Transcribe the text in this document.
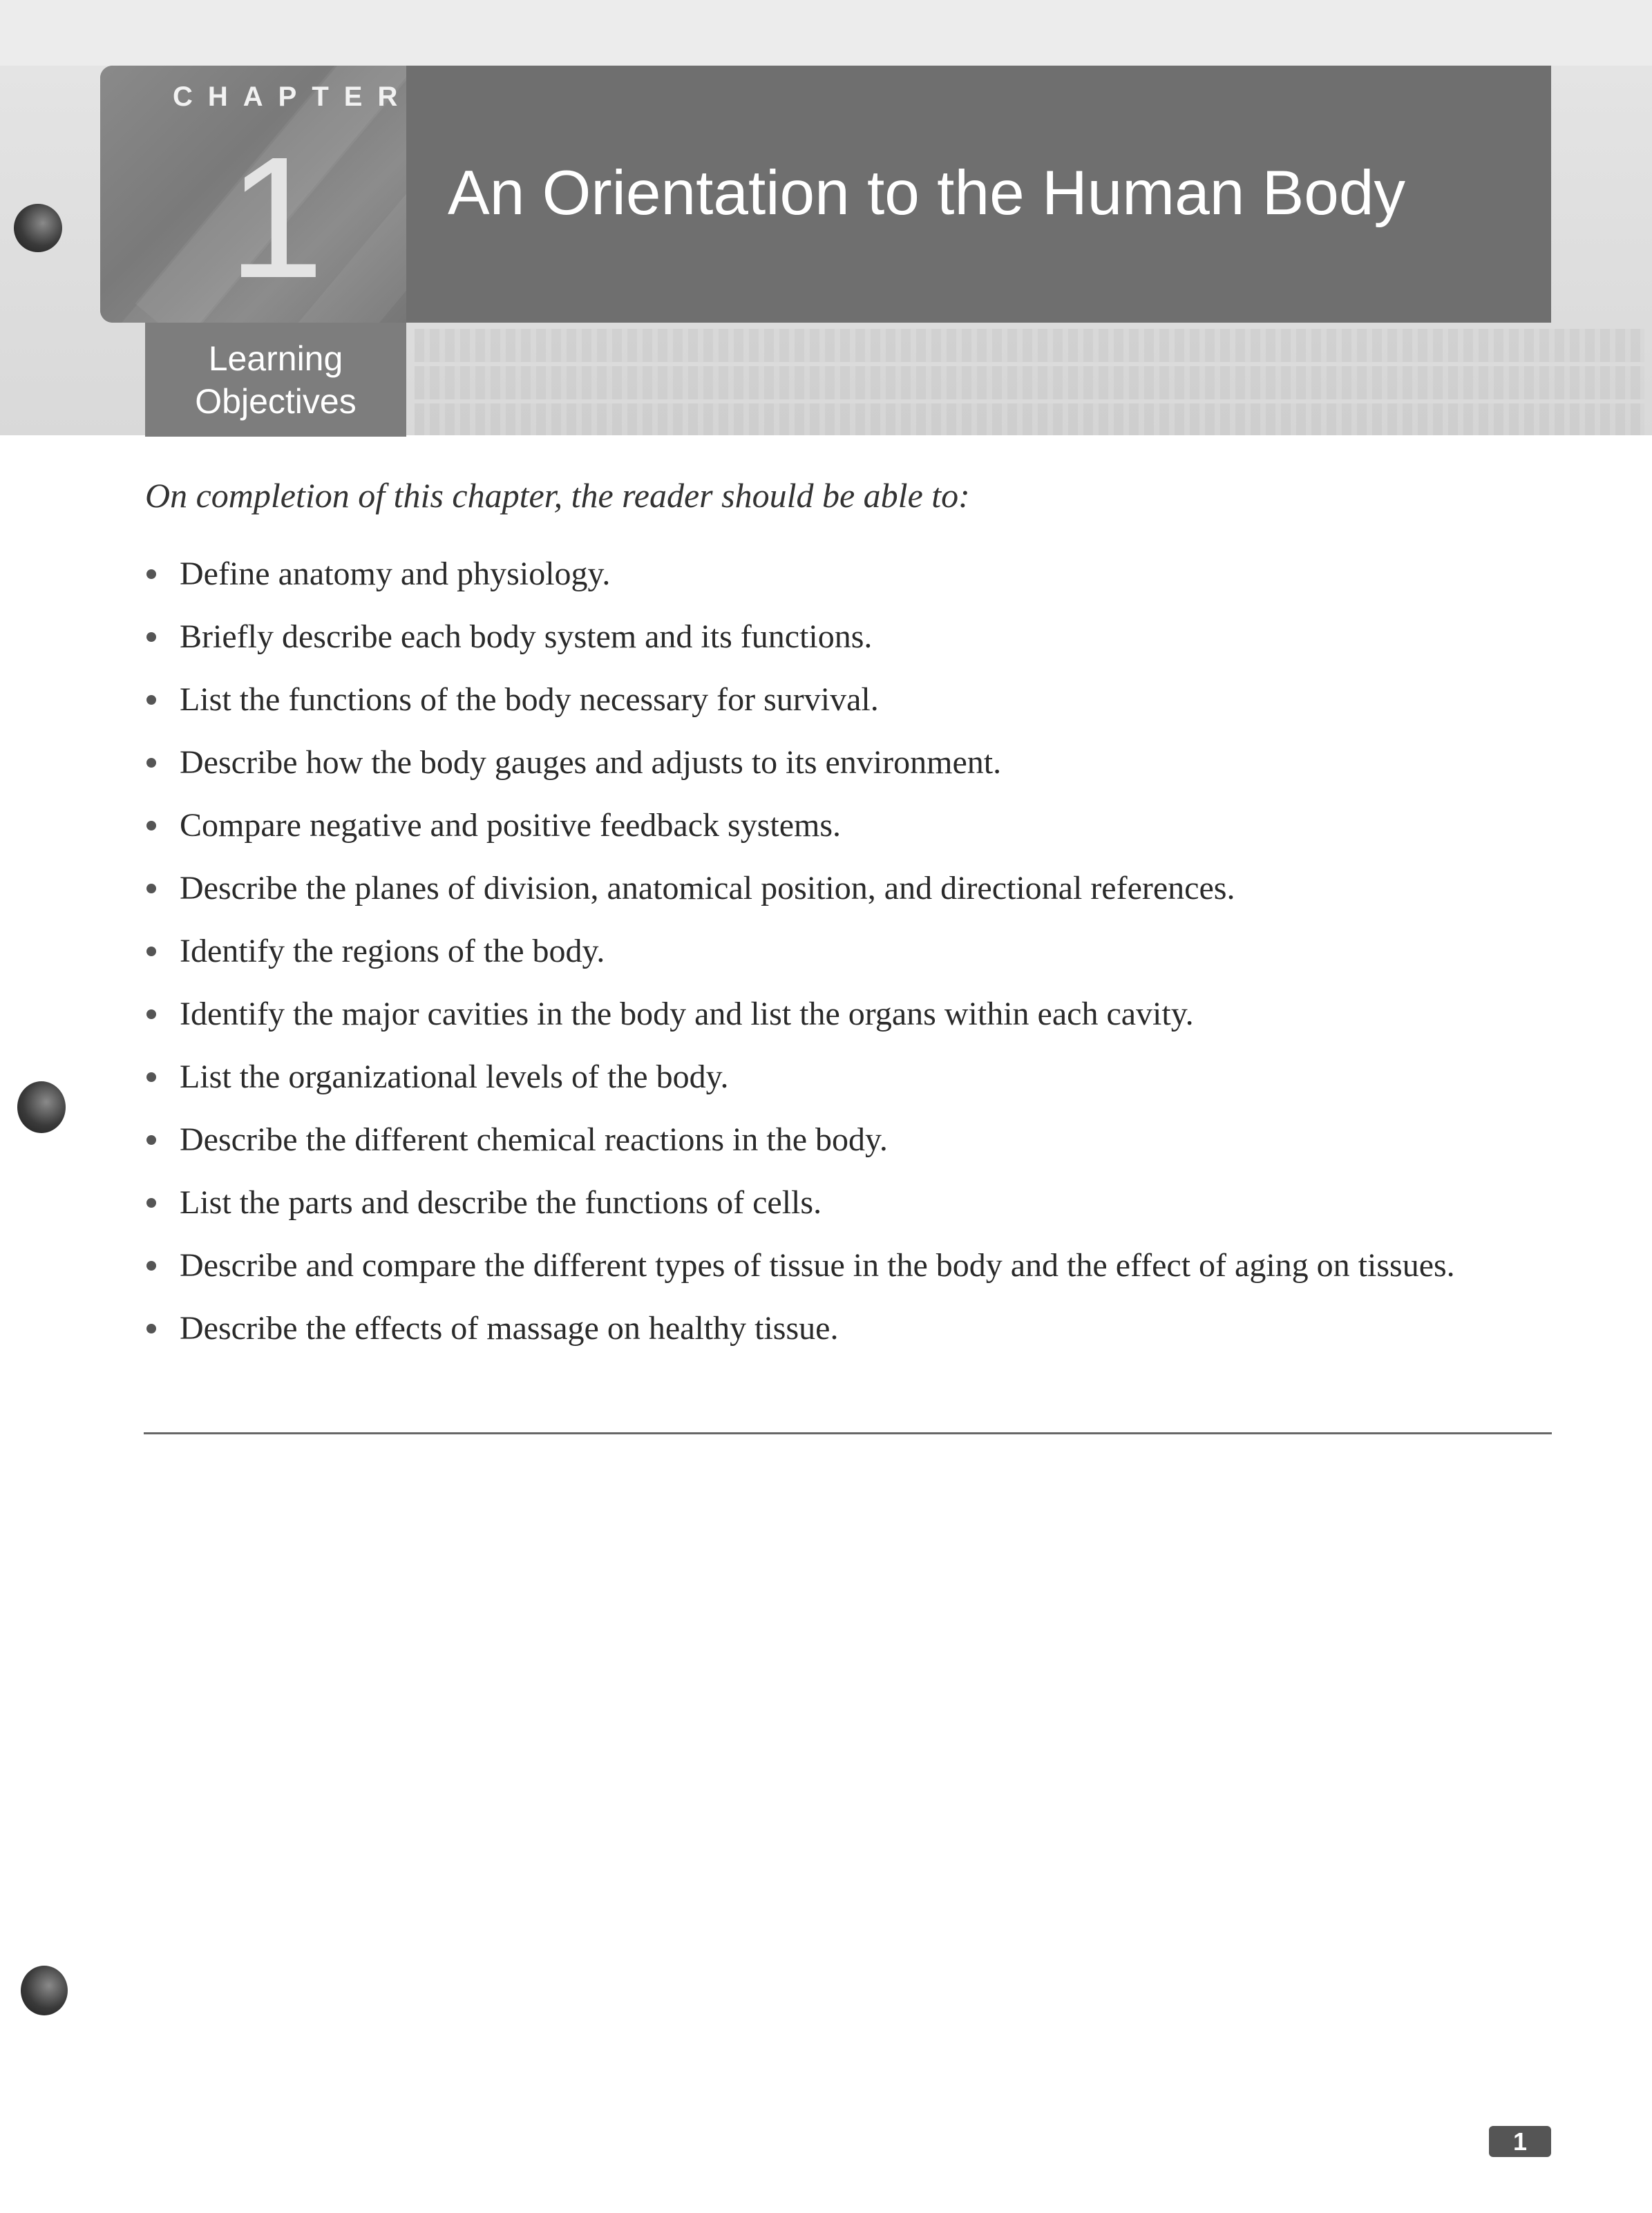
CHAPTER
1 An Orientation to the Human Body
Learning
Objectives
On completion of this chapter, the reader should be able to:
Define anatomy and physiology.
Briefly describe each body system and its functions.
List the functions of the body necessary for survival.
Describe how the body gauges and adjusts to its environment.
Compare negative and positive feedback systems.
Describe the planes of division, anatomical position, and directional references.
Identify the regions of the body.
Identify the major cavities in the body and list the organs within each cavity.
List the organizational levels of the body.
Describe the different chemical reactions in the body.
List the parts and describe the functions of cells.
Describe and compare the different types of tissue in the body and the effect of aging on tissues.
Describe the effects of massage on healthy tissue.
1
